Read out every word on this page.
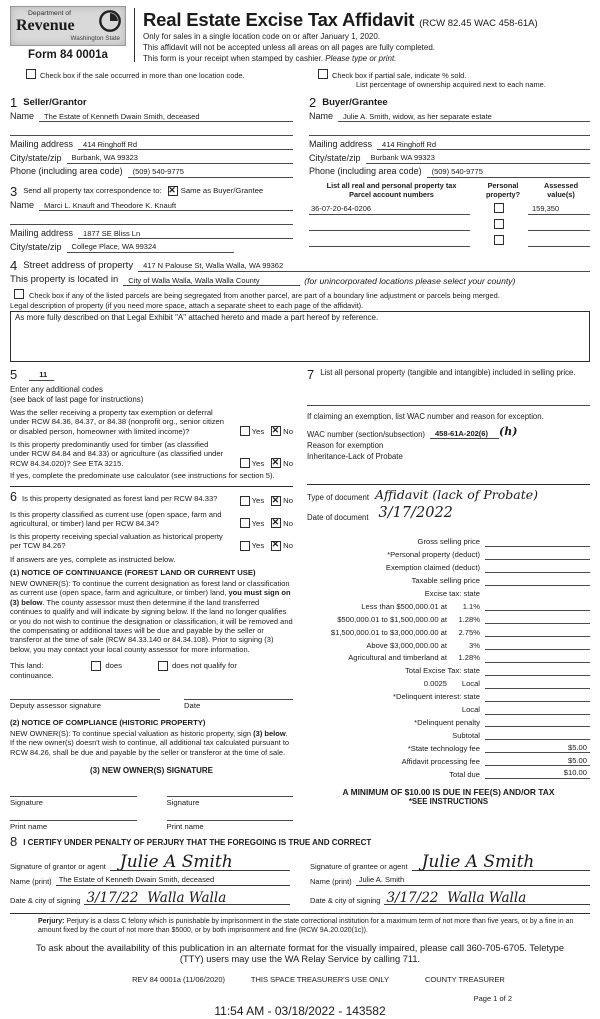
Department of
Revenue
Washington State
Form 84 0001a
Real Estate Excise Tax Affidavit (RCW 82.45 WAC 458-61A)
Only for sales in a single location code on or after January 1, 2020.
This affidavit will not be accepted unless all areas on all pages are fully completed.
This form is your receipt when stamped by cashier. Please type or print.
Check box if the sale occurred in more than one location code.	Check box if partial sale, indicate % sold.
List percentage of ownership acquired next to each name.
1 Seller/Grantor
Name	The Estate of Kenneth Dwain Smith, deceased
Mailing address	414 Ringhoff Rd
City/state/zip	Burbank, WA 99323
Phone (including area code)	(509) 540-9775
3 Send all property tax correspondence to: ✕ Same as Buyer/Grantee
Name	Marci L. Knauft and Theodore K. Knauft
Mailing address	1877 SE Bliss Ln
City/state/zip	College Place, WA 99324
2 Buyer/Grantee
Name	Julie A. Smith, widow, as her separate estate
Mailing address	414 Ringhoff Rd
City/state/zip	Burbank WA 99323
Phone (including area code)	(509) 540-9775
List all real and personal property tax
Parcel account numbers
Personal
property?
Assessed
value(s)
36-07-20-64-0206	159,350
4 Street address of property	417 N Palouse St, Walla Walla, WA 99362
This property is located in	City of Walla Walla, Walla Walla County	(for unincorporated locations please select your county)
Check box if any of the listed parcels are being segregated from another parcel, are part of a boundary line adjustment or parcels being merged.
Legal description of property (if you need more space, attach a separate sheet to each page of the affidavit).
As more fully described on that Legal Exhibit "A" attached hereto and made a part hereof by reference.
5	11
Enter any additional codes
(see back of last page for instructions)
Was the seller receiving a property tax exemption or deferral under RCW 84.36, 84.37, or 84.38 (nonprofit org., senior citizen or disabled person, homeowner with limited income)?	Yes ✕ No
Is this property predominantly used for timber (as classified under RCW 84.84 and 84.33) or agriculture (as classified under RCW 84.34.020)? See ETA 3215.	Yes ✕ No
If yes, complete the predominate use calculator (see instructions for section 5).
6 Is this property designated as forest land per RCW 84.33?	Yes ✕ No
Is this property classified as current use (open space, farm and agricultural, or timber) land per RCW 84.34?	Yes ✕ No
Is this property receiving special valuation as historical property per TCW 84.26?	Yes ✕ No
If answers are yes, complete as instructed below.
(1) NOTICE OF CONTINUANCE (FOREST LAND OR CURRENT USE)
NEW OWNER(S): To continue the current designation as forest land or classification as current use (open space, farm and agriculture, or timber) land, you must sign on (3) below. The county assessor must then determine if the land transferred continues to qualify and will indicate by signing below. If the land no longer qualifies or you do not wish to continue the designation or classification, it will be removed and the compensating or additional taxes will be due and payable by the seller or transferor at the time of sale (RCW 84.33.140 or 84.34.108). Prior to signing (3) below, you may contact your local county assessor for more information.
This land:	does	does not qualify for
continuance.
Deputy assessor signature	Date
(2) NOTICE OF COMPLIANCE (HISTORIC PROPERTY)
NEW OWNER(S): To continue special valuation as historic property, sign (3) below. If the new owner(s) doesn't wish to continue, all additional tax calculated pursuant to RCW 84.26, shall be due and payable by the seller or transferor at the time of sale.
(3) NEW OWNER(S) SIGNATURE
Signature	Signature
Print name	Print name
7 List all personal property (tangible and intangible) included in selling price.
If claiming an exemption, list WAC number and reason for exception.
WAC number (section/subsection)	458-61A-202(6)	(h)
Reason for exemption
Inheritance-Lack of Probate
Type of document Affidavit (lack of Probate)
Date of document 3/17/2022
Gross selling price
*Personal property (deduct)
Exemption claimed (deduct)
Taxable selling price
Excise tax: state
Less than $500,000.01 at	1.1%
$500,000.01 to $1,500,000.00 at	1.28%
$1,500,000.01 to $3,000,000.00 at	2.75%
Above $3,000,000.00 at	3%
Agricultural and timberland at	1.28%
Total Excise Tax: state
0.0025	Local
*Delinquent interest: state
Local
*Delinquent penalty
Subtotal
*State technology fee	$5.00
Affidavit processing fee	$5.00
Total due	$10.00
A MINIMUM OF $10.00 IS DUE IN FEE(S) AND/OR TAX
*SEE INSTRUCTIONS
8 I CERTIFY UNDER PENALTY OF PERJURY THAT THE FOREGOING IS TRUE AND CORRECT
Signature of grantor or agent Julie A Smith
Name (print) The Estate of Kenneth Dwain Smith, deceased
Date & city of signing 3/17/22  Walla Walla
Signature of grantee or agent Julie A Smith
Name (print) Julie A. Smith
Date & city of signing 3/17/22  Walla Walla
Perjury: Perjury is a class C felony which is punishable by imprisonment in the state correctional institution for a maximum term of not more than five years, or by a fine in an amount fixed by the court of not more than $5000, or by both imprisonment and fine (RCW 9A.20.020(1c)).
To ask about the availability of this publication in an alternate format for the visually impaired, please call 360-705-6705. Teletype (TTY) users may use the WA Relay Service by calling 711.
REV 84 0001a (11/06/2020)	THIS SPACE TREASURER'S USE ONLY	COUNTY TREASURER
Page 1 of 2
11:54 AM - 03/18/2022 - 143582
